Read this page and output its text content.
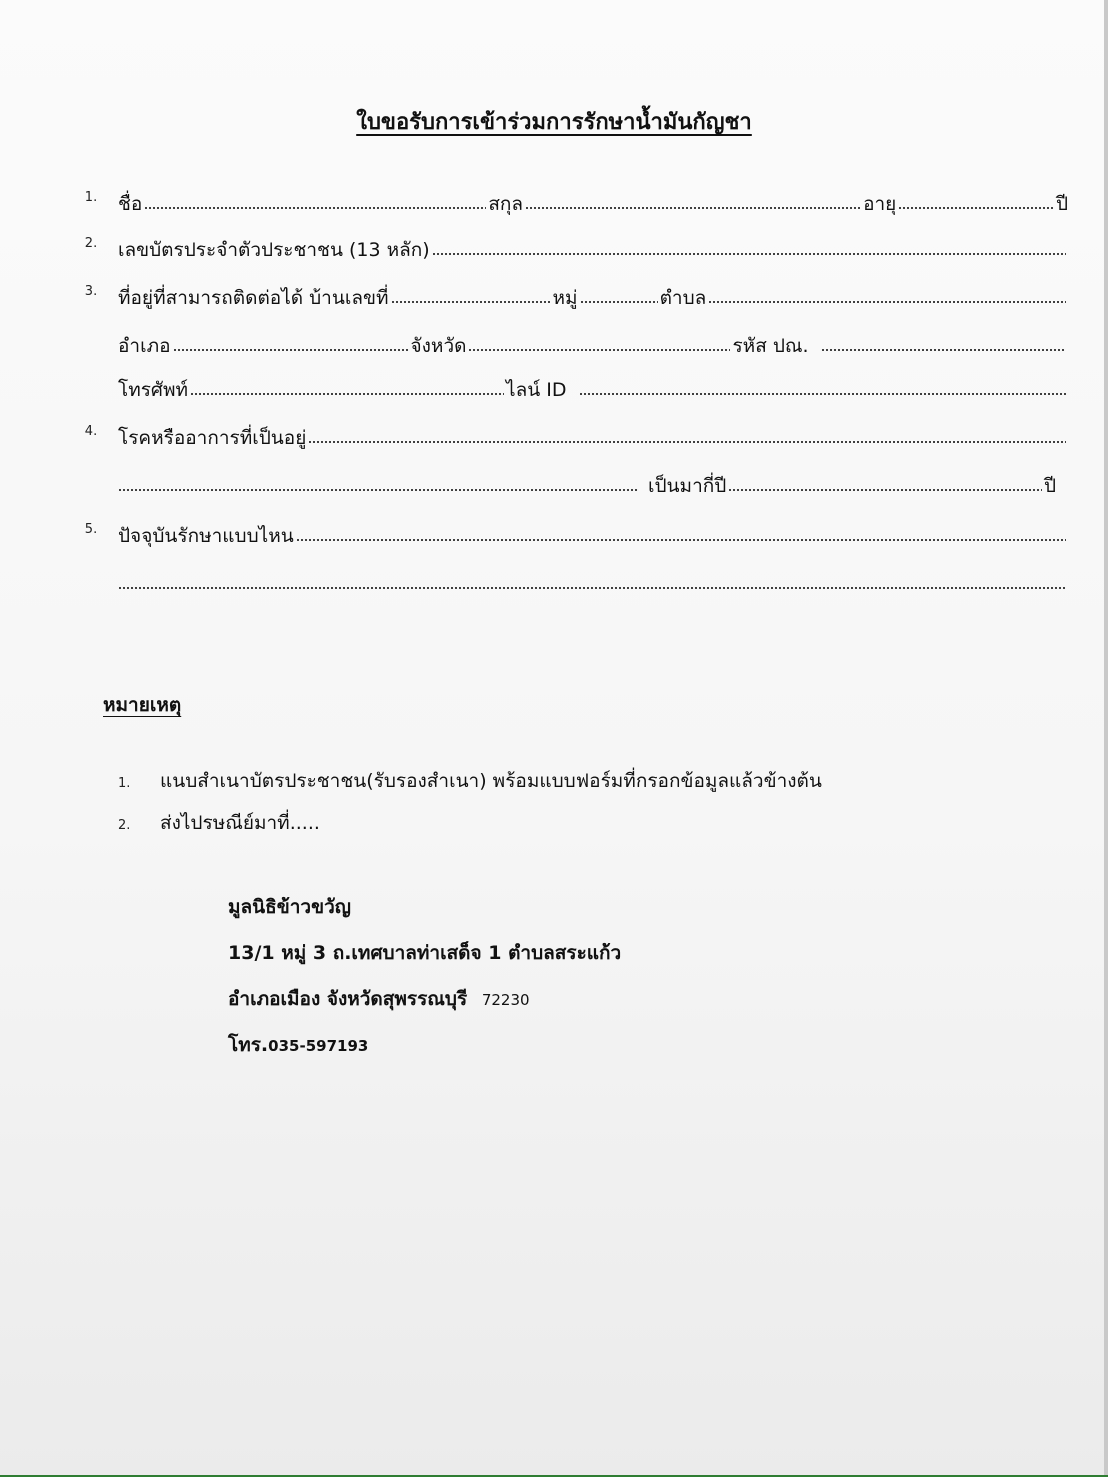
ใบขอรับการเข้าร่วมการรักษาน้ำมันกัญชา
1. ชื่อ	สกุล	อายุ	ปี
2. เลขบัตรประจำตัวประชาชน (13 หลัก)
3. ที่อยู่ที่สามารถติดต่อได้ บ้านเลขที่	หมู่	ตำบล
อำเภอ	จังหวัด	รหัส ปณ.
โทรศัพท์	ไลน์ ID
4. โรคหรืออาการที่เป็นอยู่
เป็นมากี่ปี	ปี
5. ปัจจุบันรักษาแบบไหน
หมายเหตุ
1. แนบสำเนาบัตรประชาชน(รับรองสำเนา) พร้อมแบบฟอร์มที่กรอกข้อมูลแล้วข้างต้น
2. ส่งไปรษณีย์มาที่.....
มูลนิธิข้าวขวัญ
13/1 หมู่ 3 ถ.เทศบาลท่าเสด็จ 1 ตำบลสระแก้ว
อำเภอเมือง จังหวัดสุพรรณบุรี 72230
โทร.035-597193
